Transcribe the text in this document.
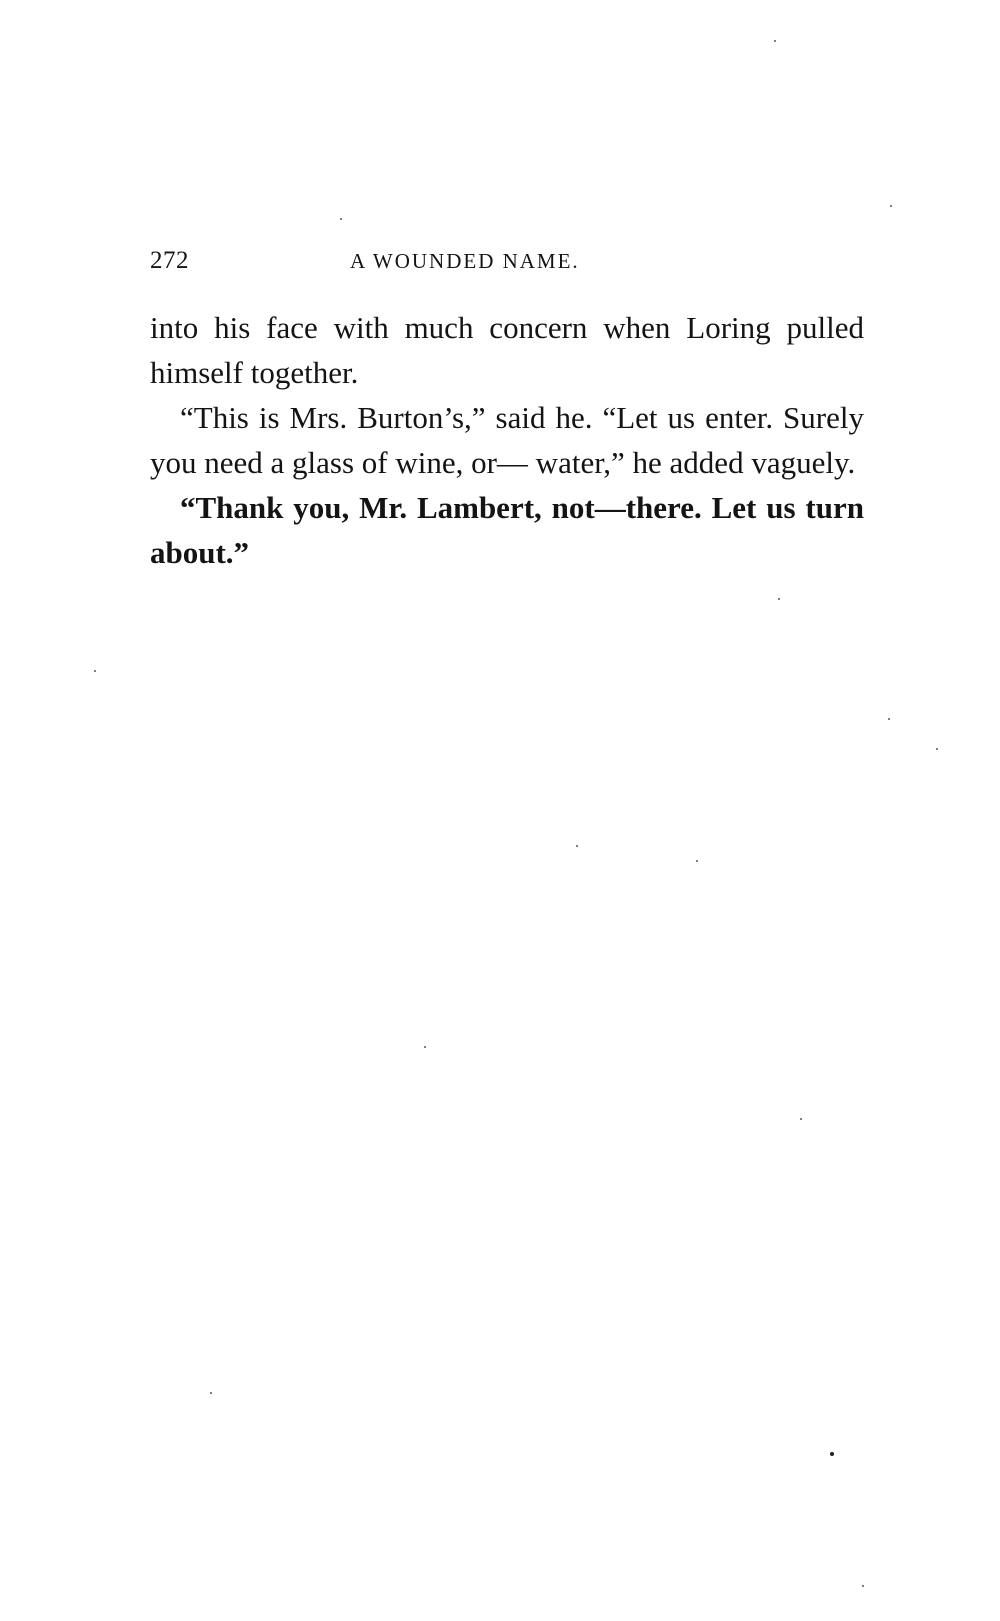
272	A WOUNDED NAME.

into his face with much concern when Loring pulled himself together.

“This is Mrs. Burton’s,” said he. “Let us enter. Surely you need a glass of wine, or— water,” he added vaguely.

“Thank you, Mr. Lambert, not—there. Let us turn about.”
